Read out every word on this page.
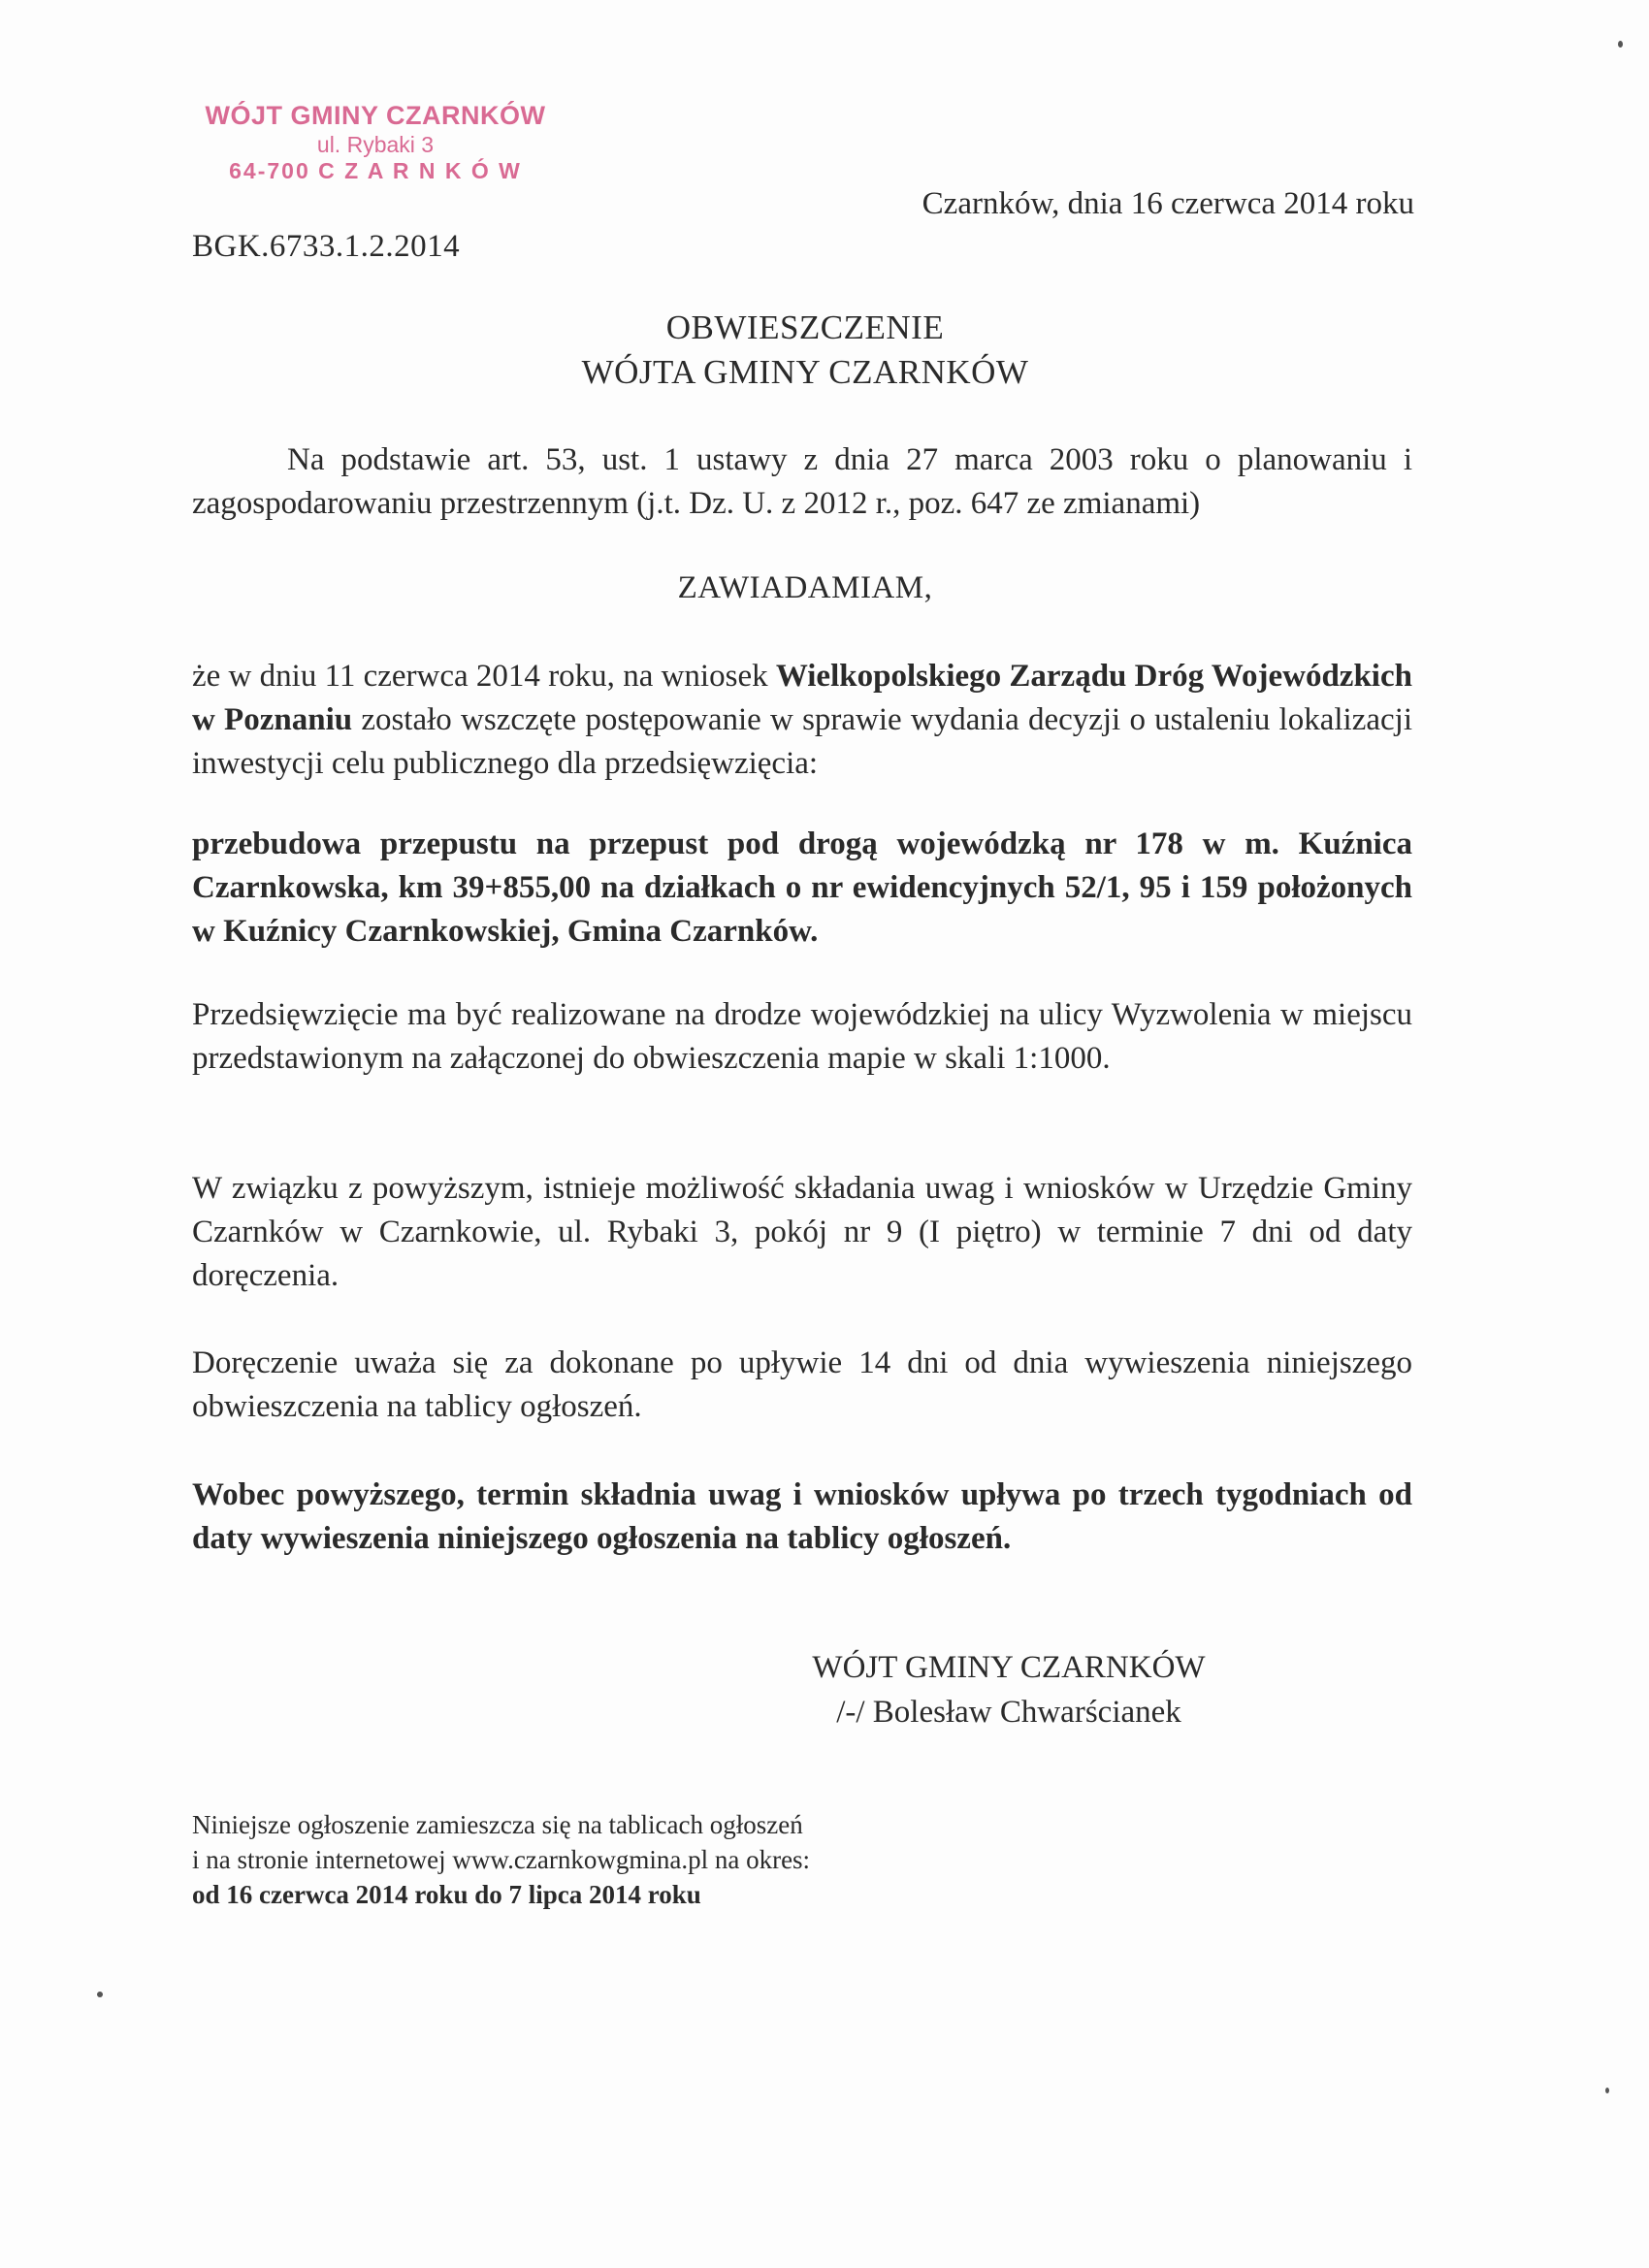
WÓJT GMINY CZARNKÓW
ul. Rybaki 3
64-700 C Z A R N K Ó W
BGK.6733.1.2.2014
Czarnków, dnia 16 czerwca 2014 roku
OBWIESZCZENIE
WÓJTA GMINY CZARNKÓW
Na podstawie art. 53, ust. 1 ustawy z dnia 27 marca 2003 roku o planowaniu i zagospodarowaniu przestrzennym (j.t. Dz. U. z 2012 r., poz. 647 ze zmianami)
ZAWIADAMIAM,
że w dniu 11 czerwca 2014 roku, na wniosek Wielkopolskiego Zarządu Dróg Wojewódzkich w Poznaniu zostało wszczęte postępowanie w sprawie wydania decyzji o ustaleniu lokalizacji inwestycji celu publicznego dla przedsięwzięcia:
przebudowa przepustu na przepust pod drogą wojewódzką nr 178 w m. Kuźnica Czarnkowska, km 39+855,00 na działkach o nr ewidencyjnych 52/1, 95 i 159 położonych w Kuźnicy Czarnkowskiej, Gmina Czarnków.
Przedsięwzięcie ma być realizowane na drodze wojewódzkiej na ulicy Wyzwolenia w miejscu przedstawionym na załączonej do obwieszczenia mapie w skali 1:1000.
W związku z powyższym, istnieje możliwość składania uwag i wniosków w Urzędzie Gminy Czarnków w Czarnkowie, ul. Rybaki 3, pokój nr 9 (I piętro) w terminie 7 dni od daty doręczenia.
Doręczenie uważa się za dokonane po upływie 14 dni od dnia wywieszenia niniejszego obwieszczenia na tablicy ogłoszeń.
Wobec powyższego, termin składnia uwag i wniosków upływa po trzech tygodniach od daty wywieszenia niniejszego ogłoszenia na tablicy ogłoszeń.
WÓJT GMINY CZARNKÓW
/-/ Bolesław Chwarścianek
Niniejsze ogłoszenie zamieszcza się na tablicach ogłoszeń
i na stronie internetowej www.czarnkowgmina.pl na okres:
od 16 czerwca 2014 roku do 7 lipca 2014 roku
